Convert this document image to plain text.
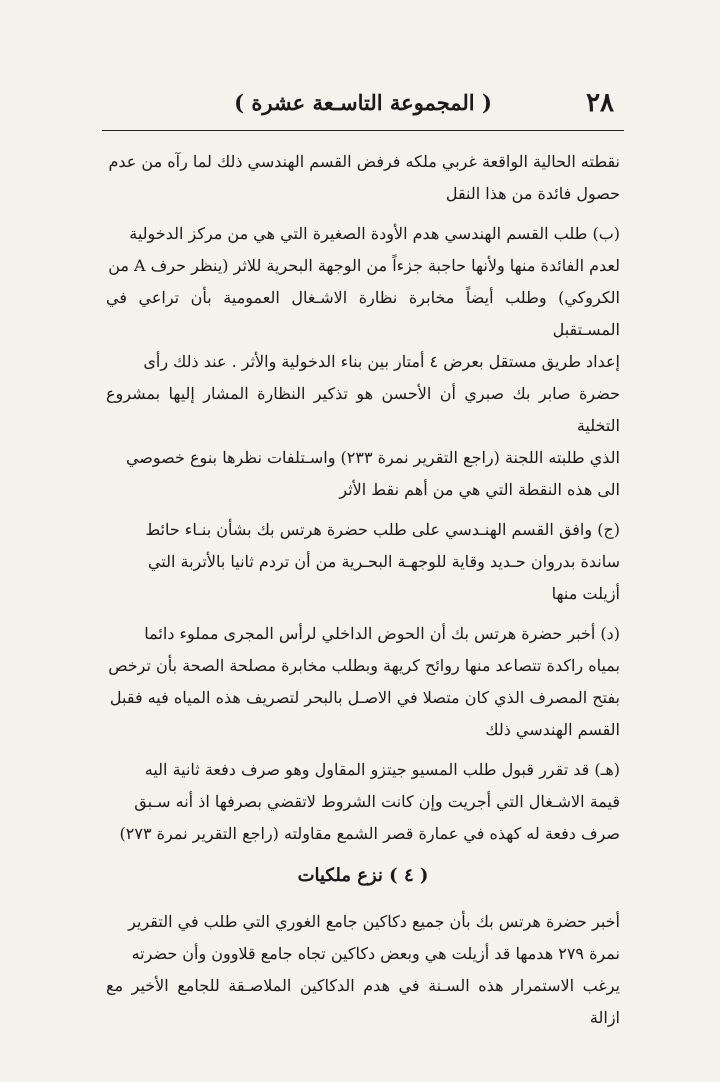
٢٨
( المجموعة التاسـعة عشرة )

نقطته الحالية الواقعة غربي ملكه فرفض القسم الهندسي ذلك لما رآه من عدم

حصول فائدة من هذا النقل

(ب) طلب القسم الهندسي هدم الأودة الصغيرة التي هي من مركز الدخولية

لعدم الفائدة منها ولأنها حاجبة جزءاً من الوجهة البحرية للاثر (ينظر حرف A من

الكروكي) وطلب أيضاً مخابرة نظارة الاشـغال العمومية بأن تراعي في المسـتقبل

إعداد طريق مستقل بعرض ٤ أمتار بين بناء الدخولية والأثر . عند ذلك رأى

حضرة صابر بك صبري أن الأحسن هو تذكير النظارة المشار إليها بمشروع التخلية

الذي طلبته اللجنة (راجع التقرير نمرة ٢٣٣) واسـتلفات نظرها بنوع خصوصي

الى هذه النقطة التي هي من أهم نقط الأثر

(ج) وافق القسم الهنـدسي على طلب حضرة هرتس بك بشأن بنـاء حائط

ساندة بدروان حـديد وقاية للوجهـة البحـرية من أن تردم ثانيا بالأتربة التي

أزيلت منها

(د) أخبر حضرة هرتس بك أن الحوض الداخلي لرأس المجرى مملوء دائما

بمياه راكدة تتصاعد منها روائح كريهة وبطلب مخابرة مصلحة الصحة بأن ترخص

بفتح المصرف الذي كان متصلا في الاصـل بالبحر لتصريف هذه المياه فيه فقبل

القسم الهندسي ذلك

(هـ) قد تقرر قبول طلب المسيو جيتزو المقاول وهو صرف دفعة ثانية اليه

قيمة الاشـغال التي أجريت وإن كانت الشروط لاتقضي بصرفها اذ أنه سـبق

صرف دفعة له كهذه في عمارة قصر الشمع مقاولته (راجع التقرير نمرة ٢٧٣)

( ٤ ) نزع ملكيات

أخبر حضرة هرتس بك بأن جميع دكاكين جامع الغوري التي طلب في التقرير

نمرة ٢٧٩ هدمها قد أزيلت هي وبعض دكاكين تجاه جامع قلاوون وأن حضرته

يرغب الاستمرار هذه السـنة في هدم الدكاكين الملاصـقة للجامع الأخير مع ازالة
